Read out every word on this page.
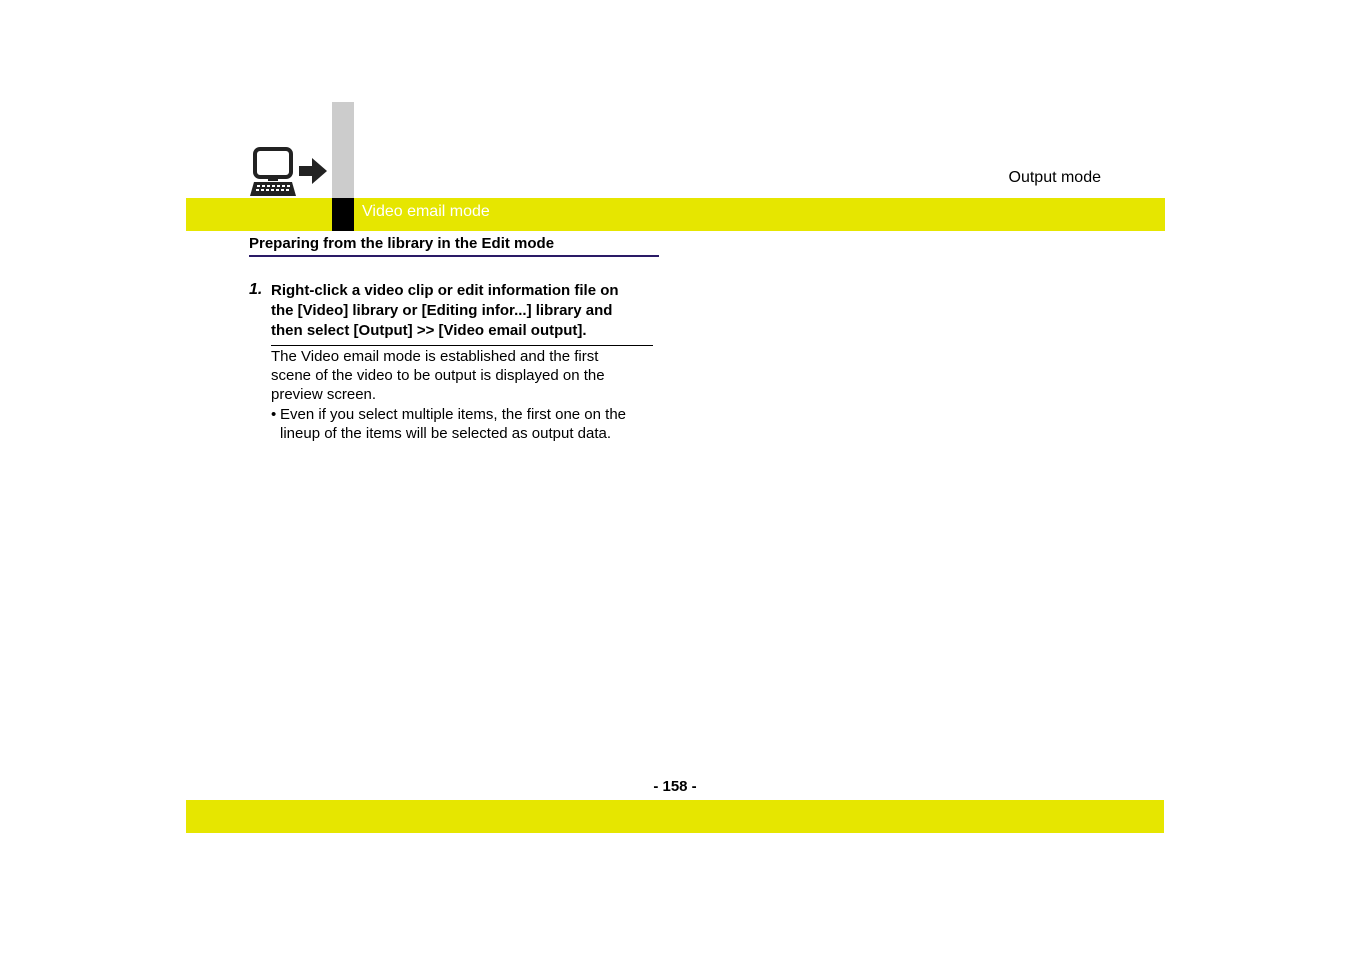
Video email mode
Output mode
Preparing from the library in the Edit mode
1. Right-click a video clip or edit information file on
the [Video] library or [Editing infor...] library and
then select [Output] >> [Video email output].
The Video email mode is established and the first
scene of the video to be output is displayed on the
preview screen.
• Even if you select multiple items, the first one on the
lineup of the items will be selected as output data.
- 158 -
